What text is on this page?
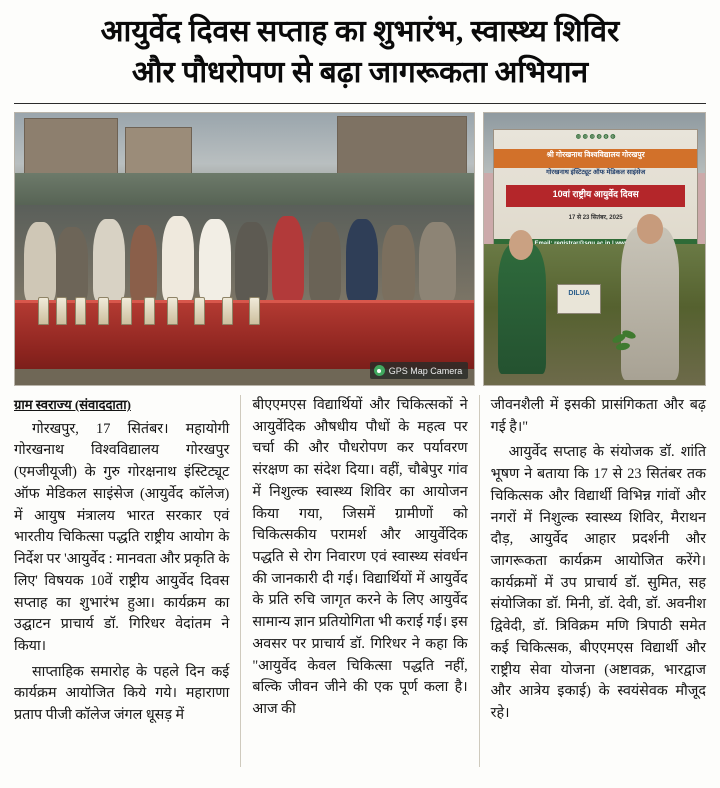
आयुर्वेद दिवस सप्ताह का शुभारंभ, स्वास्थ्य शिविर
और पौधरोपण से बढ़ा जागरूकता अभियान
GPS Map Camera
◍ ◍ ◍ ◍ ◍ ◍
श्री गोरखनाथ विश्वविद्यालय गोरखपुर
गोरखनाथ इंस्टिट्यूट ऑफ मेडिकल साइंसेज
10वां राष्ट्रीय आयुर्वेद दिवस
17 से 23 सितंबर, 2025
DILUA
ग्राम स्वराज्य (संवाददाता)

गोरखपुर, 17 सितंबर। महायोगी गोरखनाथ विश्वविद्यालय गोरखपुर (एमजीयूजी) के गुरु गोरक्षनाथ इंस्टिट्यूट ऑफ मेडिकल साइंसेज (आयुर्वेद कॉलेज) में आयुष मंत्रालय भारत सरकार एवं भारतीय चिकित्सा पद्धति राष्ट्रीय आयोग के निर्देश पर 'आयुर्वेद : मानवता और प्रकृति के लिए' विषयक 10वें राष्ट्रीय आयुर्वेद दिवस सप्ताह का शुभारंभ हुआ। कार्यक्रम का उद्घाटन प्राचार्य डॉ. गिरिधर वेदांतम ने किया।

साप्ताहिक समारोह के पहले दिन कई कार्यक्रम आयोजित किये गये। महाराणा प्रताप पीजी कॉलेज जंगल धूसड़ में

बीएएमएस विद्यार्थियों और चिकित्सकों ने आयुर्वेदिक औषधीय पौधों के महत्व पर चर्चा की और पौधरोपण कर पर्यावरण संरक्षण का संदेश दिया। वहीं, चौबेपुर गांव में निशुल्क स्वास्थ्य शिविर का आयोजन किया गया, जिसमें ग्रामीणों को चिकित्सकीय परामर्श और आयुर्वेदिक पद्धति से रोग निवारण एवं स्वास्थ्य संवर्धन की जानकारी दी गई। विद्यार्थियों में आयुर्वेद के प्रति रुचि जागृत करने के लिए आयुर्वेद सामान्य ज्ञान प्रतियोगिता भी कराई गई। इस अवसर पर प्राचार्य डॉ. गिरिधर ने कहा कि "आयुर्वेद केवल चिकित्सा पद्धति नहीं, बल्कि जीवन जीने की एक पूर्ण कला है। आज की

जीवनशैली में इसकी प्रासंगिकता और बढ़ गई है।"

आयुर्वेद सप्ताह के संयोजक डॉ. शांति भूषण ने बताया कि 17 से 23 सितंबर तक चिकित्सक और विद्यार्थी विभिन्न गांवों और नगरों में निशुल्क स्वास्थ्य शिविर, मैराथन दौड़, आयुर्वेद आहार प्रदर्शनी और जागरूकता कार्यक्रम आयोजित करेंगे। कार्यक्रमों में उप प्राचार्य डॉ. सुमित, सह संयोजिका डॉ. मिनी, डॉ. देवी, डॉ. अवनीश द्विवेदी, डॉ. त्रिविक्रम मणि त्रिपाठी समेत कई चिकित्सक, बीएएमएस विद्यार्थी और राष्ट्रीय सेवा योजना (अष्टावक्र, भारद्वाज और आत्रेय इकाई) के स्वयंसेवक मौजूद रहे।
